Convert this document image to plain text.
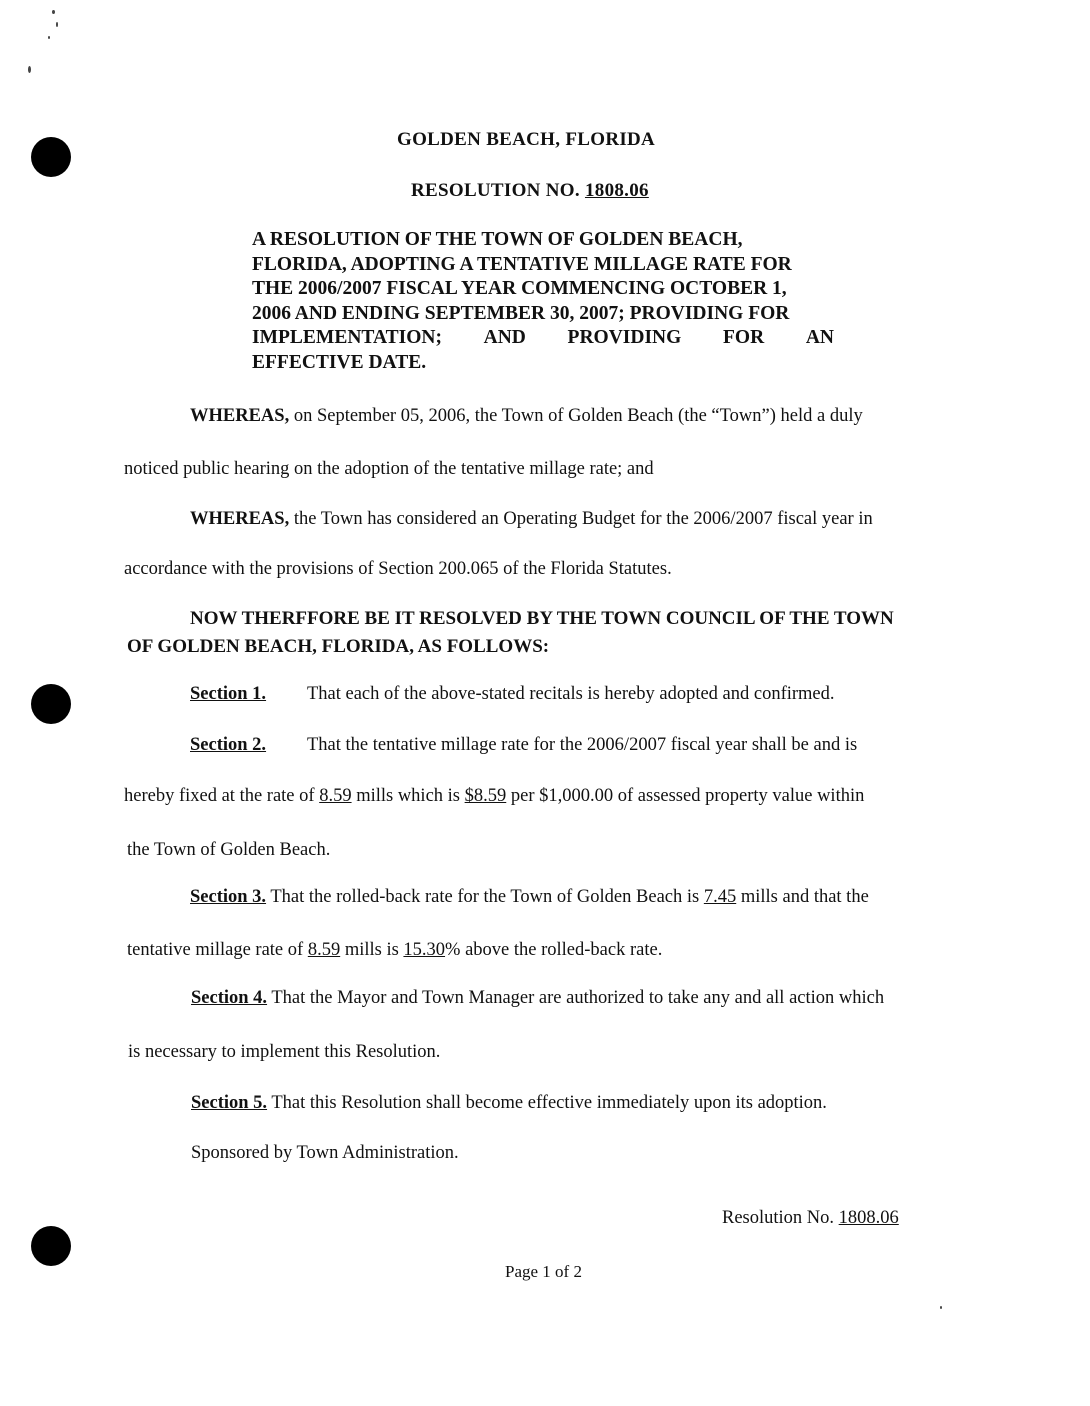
GOLDEN BEACH, FLORIDA
RESOLUTION NO. 1808.06
A RESOLUTION OF THE TOWN OF GOLDEN BEACH,
FLORIDA, ADOPTING A TENTATIVE MILLAGE RATE FOR
THE 2006/2007 FISCAL YEAR COMMENCING OCTOBER 1,
2006 AND ENDING SEPTEMBER 30, 2007; PROVIDING FOR
IMPLEMENTATION; AND PROVIDING FOR AN
EFFECTIVE DATE.
WHEREAS, on September 05, 2006, the Town of Golden Beach (the “Town”) held a duly
noticed public hearing on the adoption of the tentative millage rate; and
WHEREAS, the Town has considered an Operating Budget for the 2006/2007 fiscal year in
accordance with the provisions of Section 200.065 of the Florida Statutes.
NOW THERFFORE BE IT RESOLVED BY THE TOWN COUNCIL OF THE TOWN
OF GOLDEN BEACH, FLORIDA, AS FOLLOWS:
Section 1. That each of the above-stated recitals is hereby adopted and confirmed.
Section 2. That the tentative millage rate for the 2006/2007 fiscal year shall be and is
hereby fixed at the rate of 8.59 mills which is $8.59 per $1,000.00 of assessed property value within
the Town of Golden Beach.
Section 3. That the rolled-back rate for the Town of Golden Beach is 7.45 mills and that the
tentative millage rate of 8.59 mills is 15.30% above the rolled-back rate.
Section 4. That the Mayor and Town Manager are authorized to take any and all action which
is necessary to implement this Resolution.
Section 5. That this Resolution shall become effective immediately upon its adoption.
Sponsored by Town Administration.
Resolution No. 1808.06
Page 1 of 2
